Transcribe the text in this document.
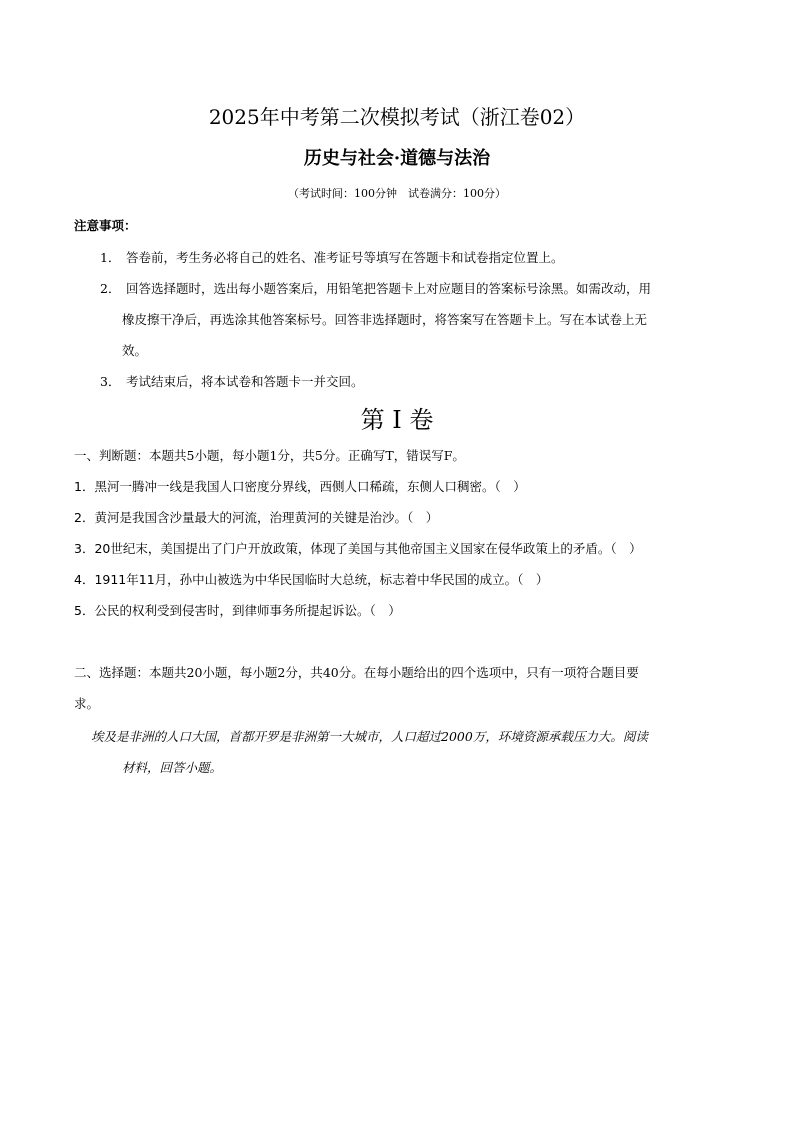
2025年中考第二次模拟考试（浙江卷02）
历史与社会·道德与法治
（考试时间：100分钟　试卷满分：100分）
注意事项：
1． 答卷前，考生务必将自己的姓名、准考证号等填写在答题卡和试卷指定位置上。
2． 回答选择题时，选出每小题答案后，用铅笔把答题卡上对应题目的答案标号涂黑。如需改动，用
橡皮擦干净后，再选涂其他答案标号。回答非选择题时，将答案写在答题卡上。写在本试卷上无
效。
3． 考试结束后，将本试卷和答题卡一并交回。
第 I 卷
一、判断题：本题共5小题，每小题1分，共5分。正确写T，错误写F。
1．黑河一腾冲一线是我国人口密度分界线，西侧人口稀疏，东侧人口稠密。（　）
2．黄河是我国含沙量最大的河流，治理黄河的关键是治沙。（　）
3．20世纪末，美国提出了门户开放政策，体现了美国与其他帝国主义国家在侵华政策上的矛盾。（　）
4．1911年11月，孙中山被选为中华民国临时大总统，标志着中华民国的成立。（　）
5．公民的权利受到侵害时，到律师事务所提起诉讼。（　）
二、选择题：本题共20小题，每小题2分，共40分。在每小题给出的四个选项中，只有一项符合题目要
求。
埃及是非洲的人口大国，首都开罗是非洲第一大城市，人口超过2000万，环境资源承载压力大。阅读
材料，回答小题。
